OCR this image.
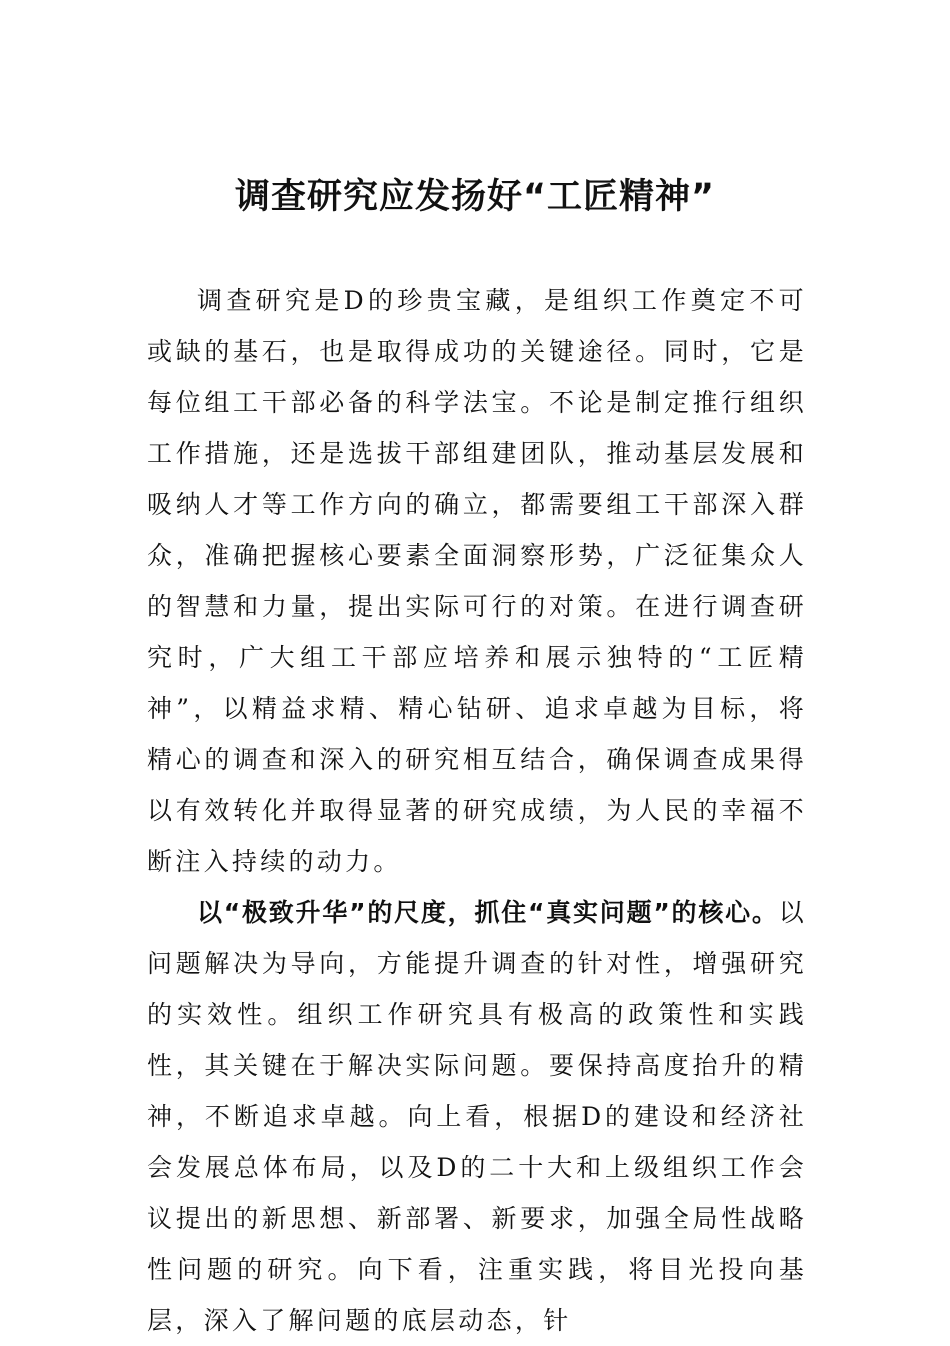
调查研究应发扬好“工匠精神”

调查研究是D的珍贵宝藏，是组织工作奠定不可或缺的基石，也是取得成功的关键途径。同时，它是每位组工干部必备的科学法宝。不论是制定推行组织工作措施，还是选拔干部组建团队，推动基层发展和吸纳人才等工作方向的确立，都需要组工干部深入群众，准确把握核心要素全面洞察形势，广泛征集众人的智慧和力量，提出实际可行的对策。在进行调查研究时，广大组工干部应培养和展示独特的“工匠精神”，以精益求精、精心钻研、追求卓越为目标，将精心的调查和深入的研究相互结合，确保调查成果得以有效转化并取得显著的研究成绩，为人民的幸福不断注入持续的动力。

以“极致升华”的尺度，抓住“真实问题”的核心。以问题解决为导向，方能提升调查的针对性，增强研究的实效性。组织工作研究具有极高的政策性和实践性，其关键在于解决实际问题。要保持高度抬升的精神，不断追求卓越。向上看，根据D的建设和经济社会发展总体布局，以及D的二十大和上级组织工作会议提出的新思想、新部署、新要求，加强全局性战略性问题的研究。向下看，注重实践，将目光投向基层，深入了解问题的底层动态，针
